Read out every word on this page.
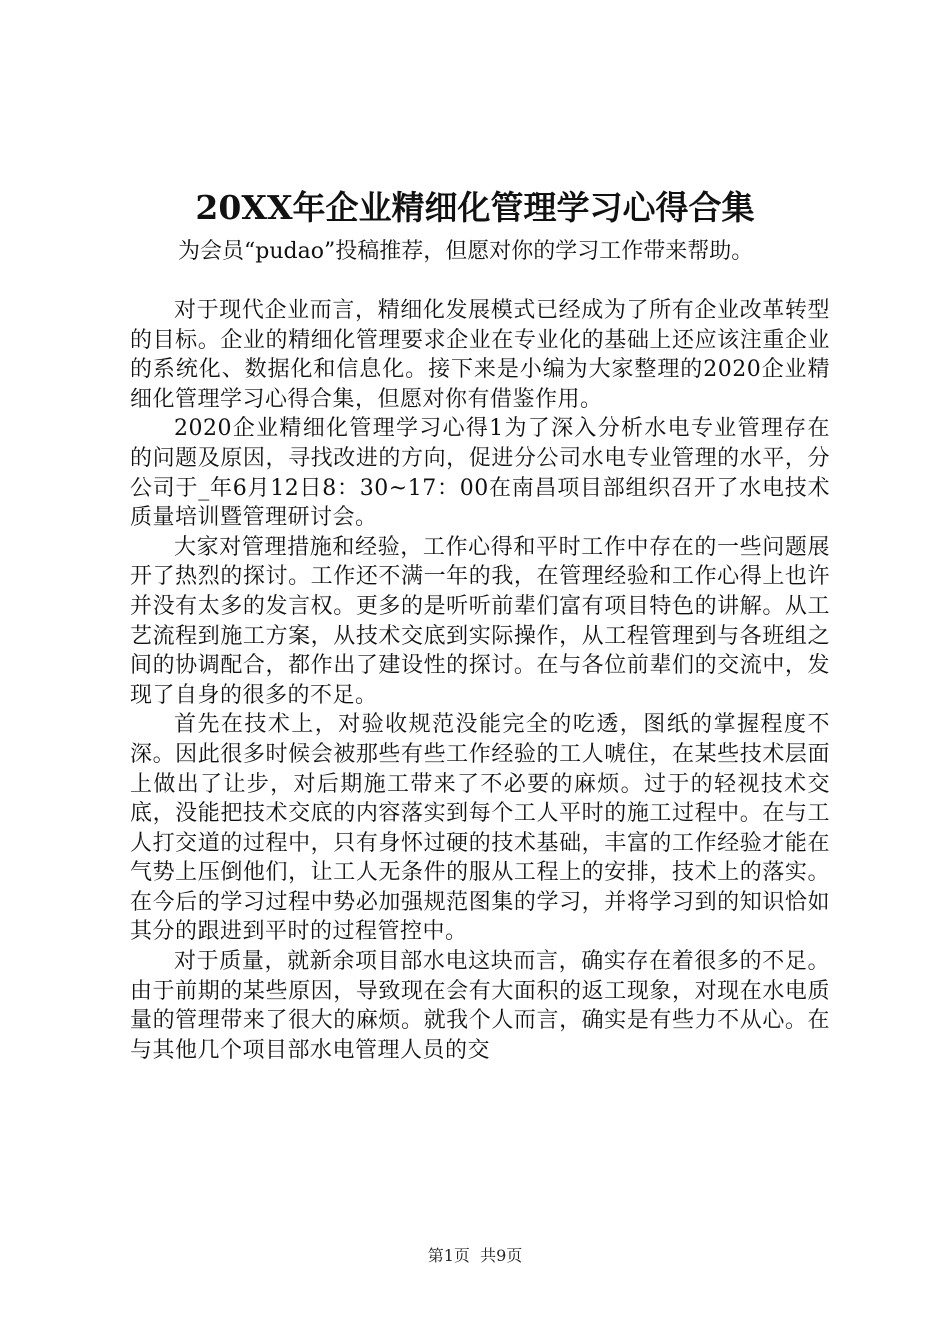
20XX年企业精细化管理学习心得合集

为会员“pudao”投稿推荐，但愿对你的学习工作带来帮助。

对于现代企业而言，精细化发展模式已经成为了所有企业改革转型的目标。企业的精细化管理要求企业在专业化的基础上还应该注重企业的系统化、数据化和信息化。接下来是小编为大家整理的2020企业精细化管理学习心得合集，但愿对你有借鉴作用。

2020企业精细化管理学习心得1为了深入分析水电专业管理存在的问题及原因，寻找改进的方向，促进分公司水电专业管理的水平，分公司于_年6月12日8：30~17：00在南昌项目部组织召开了水电技术质量培训暨管理研讨会。

大家对管理措施和经验，工作心得和平时工作中存在的一些问题展开了热烈的探讨。工作还不满一年的我，在管理经验和工作心得上也许并没有太多的发言权。更多的是听听前辈们富有项目特色的讲解。从工艺流程到施工方案，从技术交底到实际操作，从工程管理到与各班组之间的协调配合，都作出了建设性的探讨。在与各位前辈们的交流中，发现了自身的很多的不足。

首先在技术上，对验收规范没能完全的吃透，图纸的掌握程度不深。因此很多时候会被那些有些工作经验的工人唬住，在某些技术层面上做出了让步，对后期施工带来了不必要的麻烦。过于的轻视技术交底，没能把技术交底的内容落实到每个工人平时的施工过程中。在与工人打交道的过程中，只有身怀过硬的技术基础，丰富的工作经验才能在气势上压倒他们，让工人无条件的服从工程上的安排，技术上的落实。在今后的学习过程中势必加强规范图集的学习，并将学习到的知识恰如其分的跟进到平时的过程管控中。

对于质量，就新余项目部水电这块而言，确实存在着很多的不足。由于前期的某些原因，导致现在会有大面积的返工现象，对现在水电质量的管理带来了很大的麻烦。就我个人而言，确实是有些力不从心。在与其他几个项目部水电管理人员的交

第1页  共9页
